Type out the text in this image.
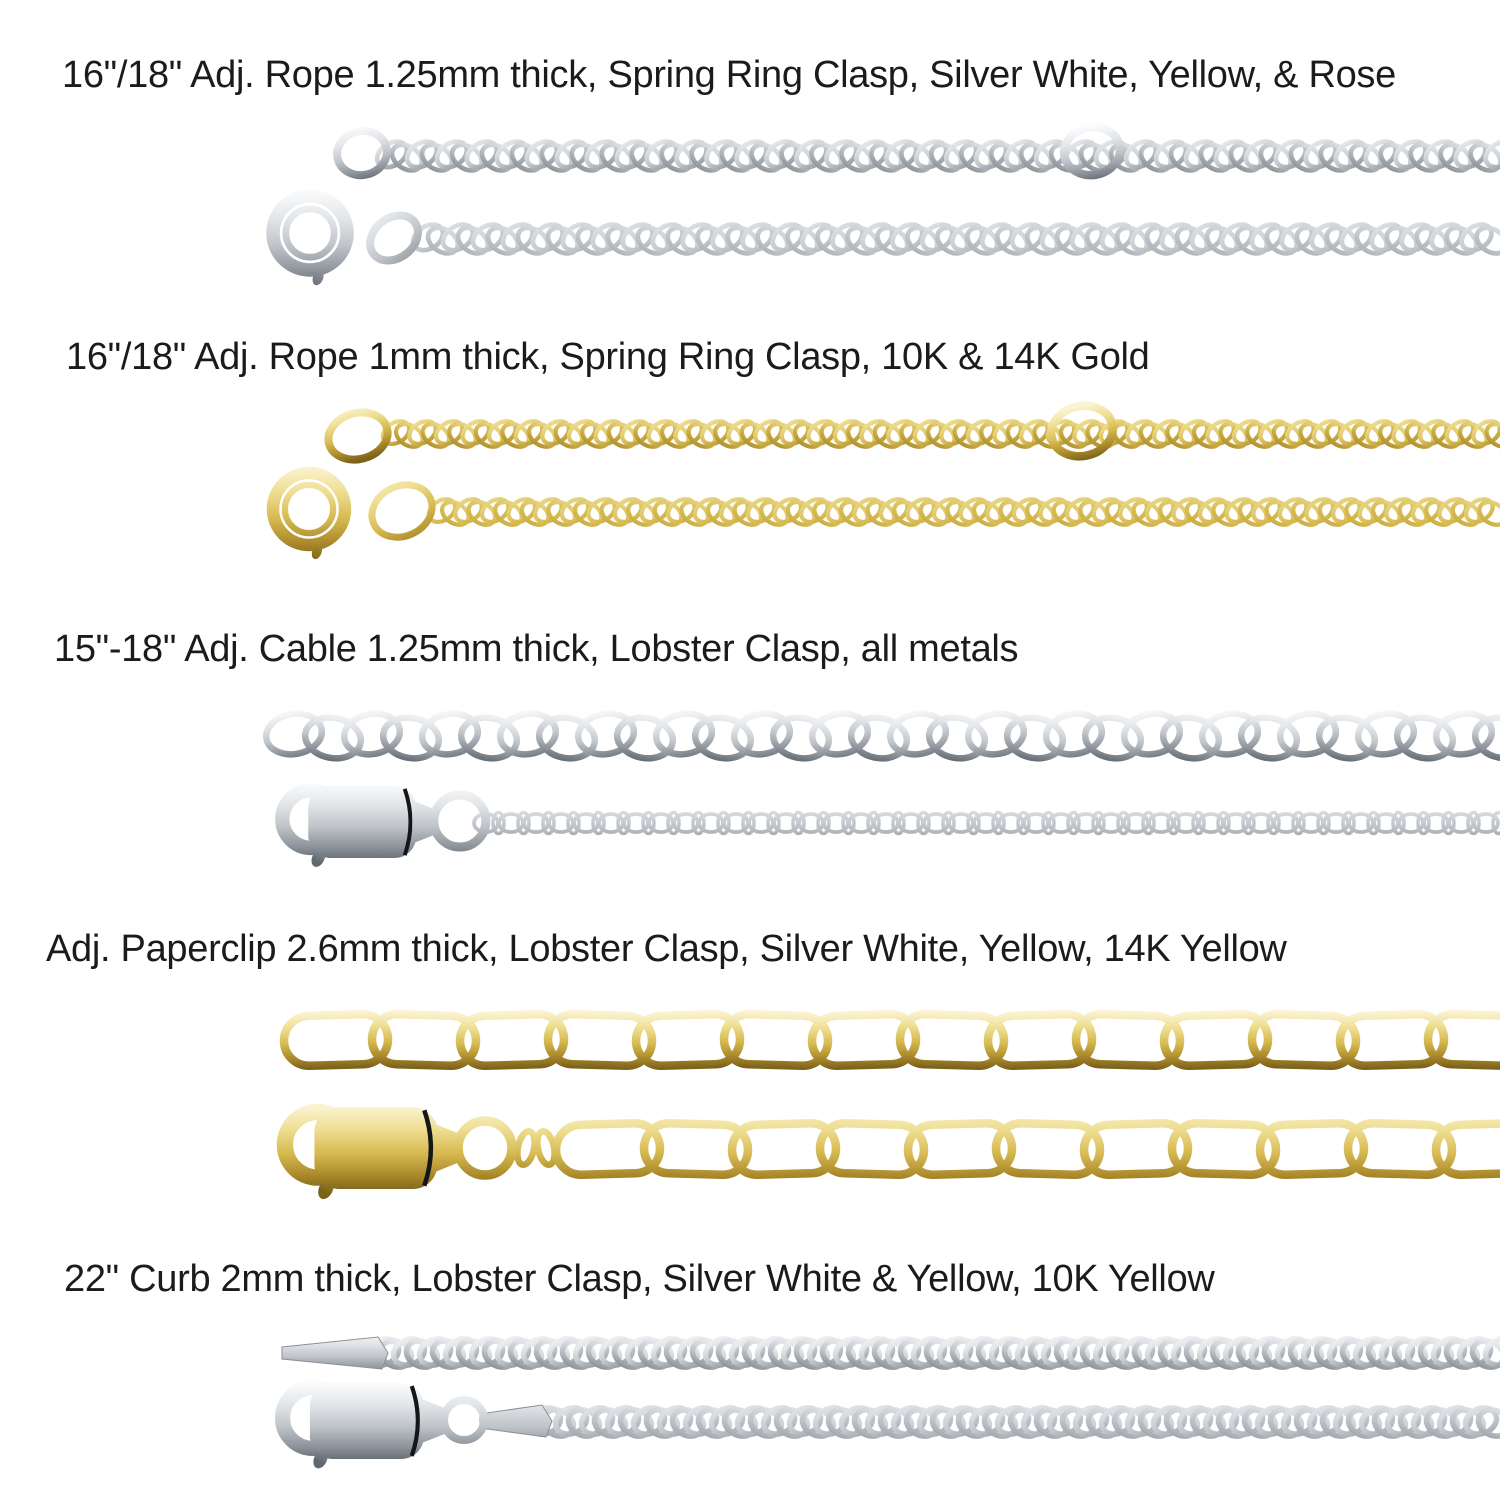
16"/18" Adj. Rope 1.25mm thick, Spring Ring Clasp, Silver White, Yellow, & Rose
16"/18" Adj. Rope 1mm thick, Spring Ring Clasp, 10K & 14K Gold
15"-18" Adj. Cable 1.25mm thick, Lobster Clasp, all metals
Adj. Paperclip 2.6mm thick, Lobster Clasp, Silver White, Yellow, 14K Yellow
22" Curb 2mm thick, Lobster Clasp, Silver White & Yellow, 10K Yellow
